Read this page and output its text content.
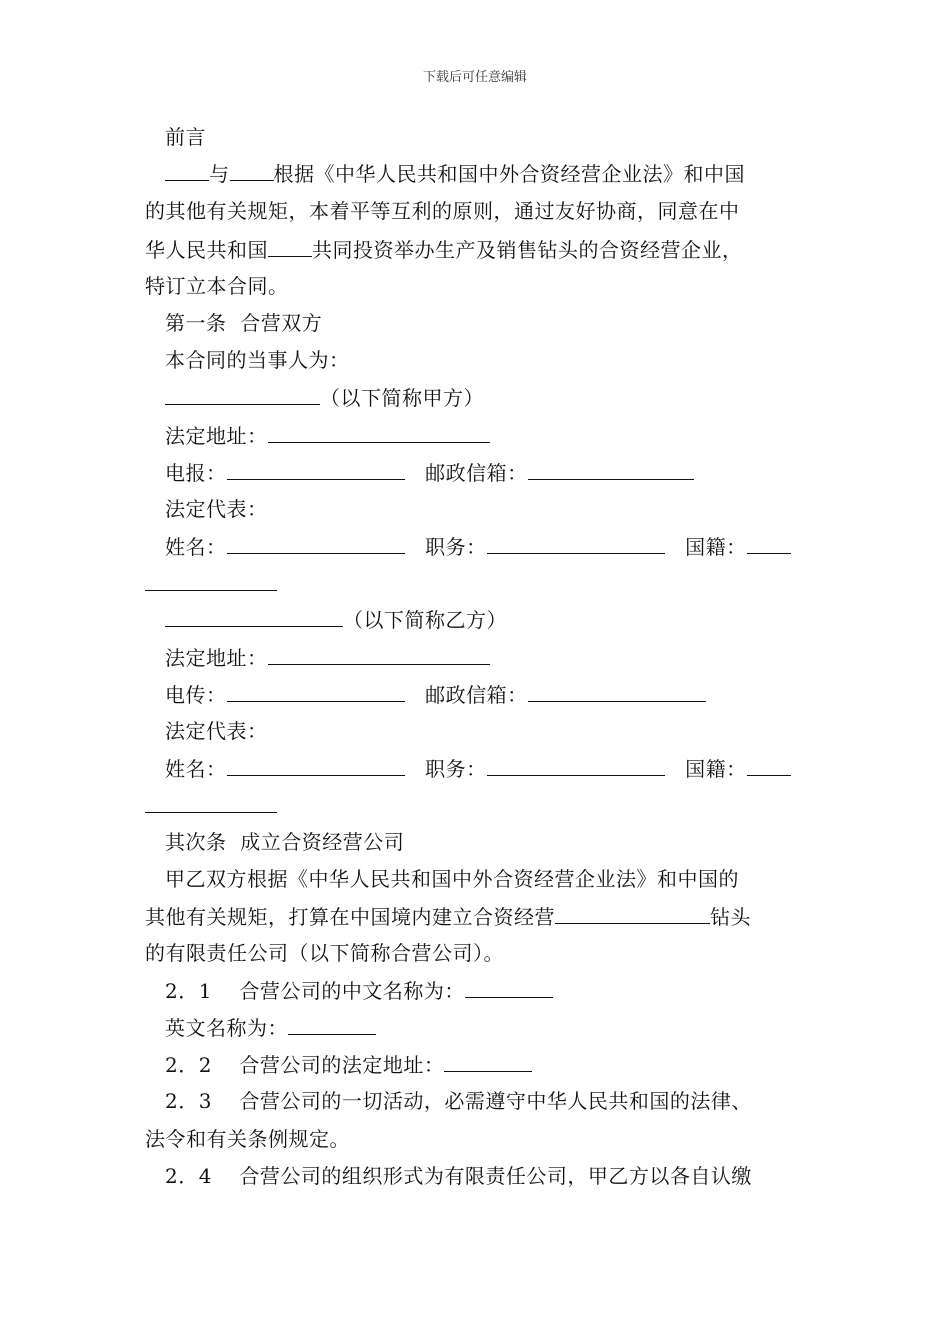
下载后可任意编辑
前言
与 根据《中华人民共和国中外合资经营企业法》和中国
的其他有关规矩，本着平等互利的原则，通过友好协商，同意在中
华人民共和国 共同投资举办生产及销售钻头的合资经营企业，
特订立本合同。
第一条  合营双方
本合同的当事人为：
（以下简称甲方）
法定地址：
电报：	邮政信箱：
法定代表：
姓名：	职务：	国籍：
（以下简称乙方）
法定地址：
电传：	邮政信箱：
法定代表：
姓名：	职务：	国籍：
其次条  成立合资经营公司
甲乙双方根据《中华人民共和国中外合资经营企业法》和中国的
其他有关规矩，打算在中国境内建立合资经营	钻头
的有限责任公司（以下简称合营公司）。
2．1    合营公司的中文名称为：
英文名称为：
2．2    合营公司的法定地址：
2．3    合营公司的一切活动，必需遵守中华人民共和国的法律、
法令和有关条例规定。
2．4    合营公司的组织形式为有限责任公司，甲乙方以各自认缴
